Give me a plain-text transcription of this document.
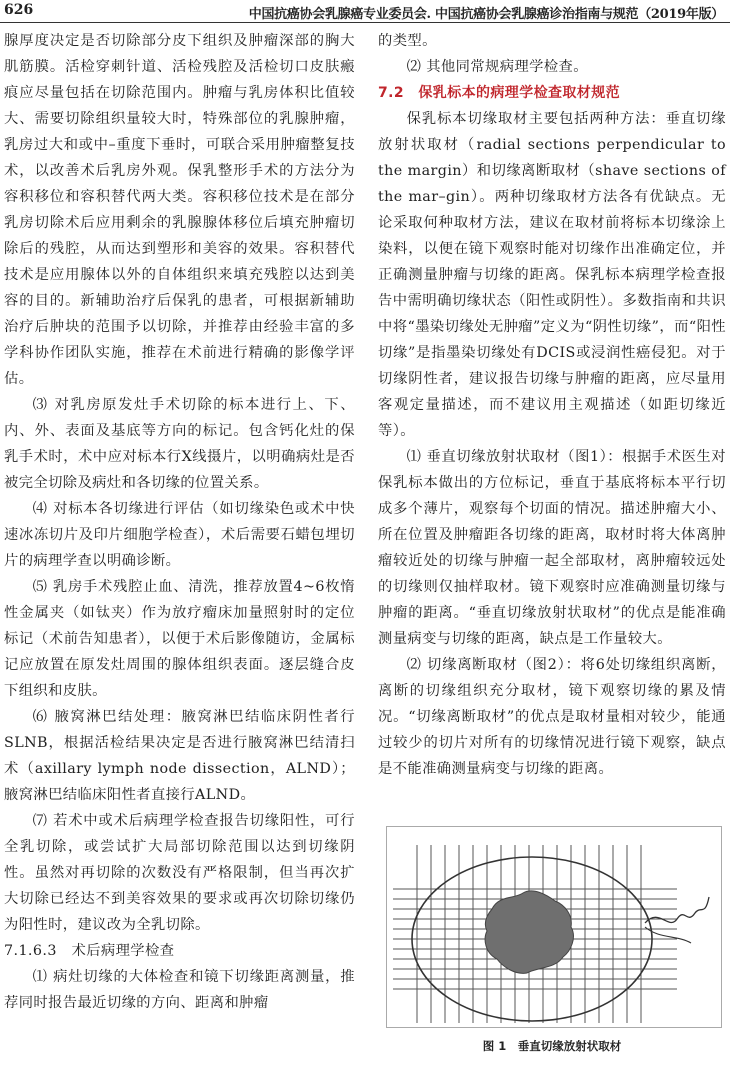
626	中国抗癌协会乳腺癌专业委员会. 中国抗癌协会乳腺癌诊治指南与规范（2019年版）

腺厚度决定是否切除部分皮下组织及肿瘤深部的胸大肌筋膜。活检穿刺针道、活检残腔及活检切口皮肤瘢痕应尽量包括在切除范围内。肿瘤与乳房体积比值较大、需要切除组织量较大时，特殊部位的乳腺肿瘤，乳房过大和或中–重度下垂时，可联合采用肿瘤整复技术，以改善术后乳房外观。保乳整形手术的方法分为容积移位和容积替代两大类。容积移位技术是在部分乳房切除术后应用剩余的乳腺腺体移位后填充肿瘤切除后的残腔，从而达到塑形和美容的效果。容积替代技术是应用腺体以外的自体组织来填充残腔以达到美容的目的。新辅助治疗后保乳的患者，可根据新辅助治疗后肿块的范围予以切除，并推荐由经验丰富的多学科协作团队实施，推荐在术前进行精确的影像学评估。

⑶ 对乳房原发灶手术切除的标本进行上、下、内、外、表面及基底等方向的标记。包含钙化灶的保乳手术时，术中应对标本行X线摄片，以明确病灶是否被完全切除及病灶和各切缘的位置关系。

⑷ 对标本各切缘进行评估（如切缘染色或术中快速冰冻切片及印片细胞学检查），术后需要石蜡包埋切片的病理学查以明确诊断。

⑸ 乳房手术残腔止血、清洗，推荐放置4~6枚惰性金属夹（如钛夹）作为放疗瘤床加量照射时的定位标记（术前告知患者），以便于术后影像随访，金属标记应放置在原发灶周围的腺体组织表面。逐层缝合皮下组织和皮肤。

⑹ 腋窝淋巴结处理：腋窝淋巴结临床阴性者行SLNB，根据活检结果决定是否进行腋窝淋巴结清扫术（axillary lymph node dissection，ALND）；腋窝淋巴结临床阳性者直接行ALND。

⑺ 若术中或术后病理学检查报告切缘阳性，可行全乳切除，或尝试扩大局部切除范围以达到切缘阴性。虽然对再切除的次数没有严格限制，但当再次扩大切除已经达不到美容效果的要求或再次切除切缘仍为阳性时，建议改为全乳切除。

7.1.6.3　术后病理学检查

⑴ 病灶切缘的大体检查和镜下切缘距离测量，推荐同时报告最近切缘的方向、距离和肿瘤

的类型。

⑵ 其他同常规病理学检查。

7.2　保乳标本的病理学检查取材规范

保乳标本切缘取材主要包括两种方法：垂直切缘放射状取材（radial sections perpendicular to the margin）和切缘离断取材（shave sections of the mar–gin）。两种切缘取材方法各有优缺点。无论采取何种取材方法，建议在取材前将标本切缘涂上染料，以便在镜下观察时能对切缘作出准确定位，并正确测量肿瘤与切缘的距离。保乳标本病理学检查报告中需明确切缘状态（阳性或阴性）。多数指南和共识中将“墨染切缘处无肿瘤”定义为“阴性切缘”，而“阳性切缘”是指墨染切缘处有DCIS或浸润性癌侵犯。对于切缘阴性者，建议报告切缘与肿瘤的距离，应尽量用客观定量描述，而不建议用主观描述（如距切缘近等）。

⑴ 垂直切缘放射状取材（图1）：根据手术医生对保乳标本做出的方位标记，垂直于基底将标本平行切成多个薄片，观察每个切面的情况。描述肿瘤大小、所在位置及肿瘤距各切缘的距离，取材时将大体离肿瘤较近处的切缘与肿瘤一起全部取材，离肿瘤较远处的切缘则仅抽样取材。镜下观察时应准确测量切缘与肿瘤的距离。“垂直切缘放射状取材”的优点是能准确测量病变与切缘的距离，缺点是工作量较大。

⑵ 切缘离断取材（图2）：将6处切缘组织离断，离断的切缘组织充分取材，镜下观察切缘的累及情况。“切缘离断取材”的优点是取材量相对较少，能通过较少的切片对所有的切缘情况进行镜下观察，缺点是不能准确测量病变与切缘的距离。

图 1　垂直切缘放射状取材
